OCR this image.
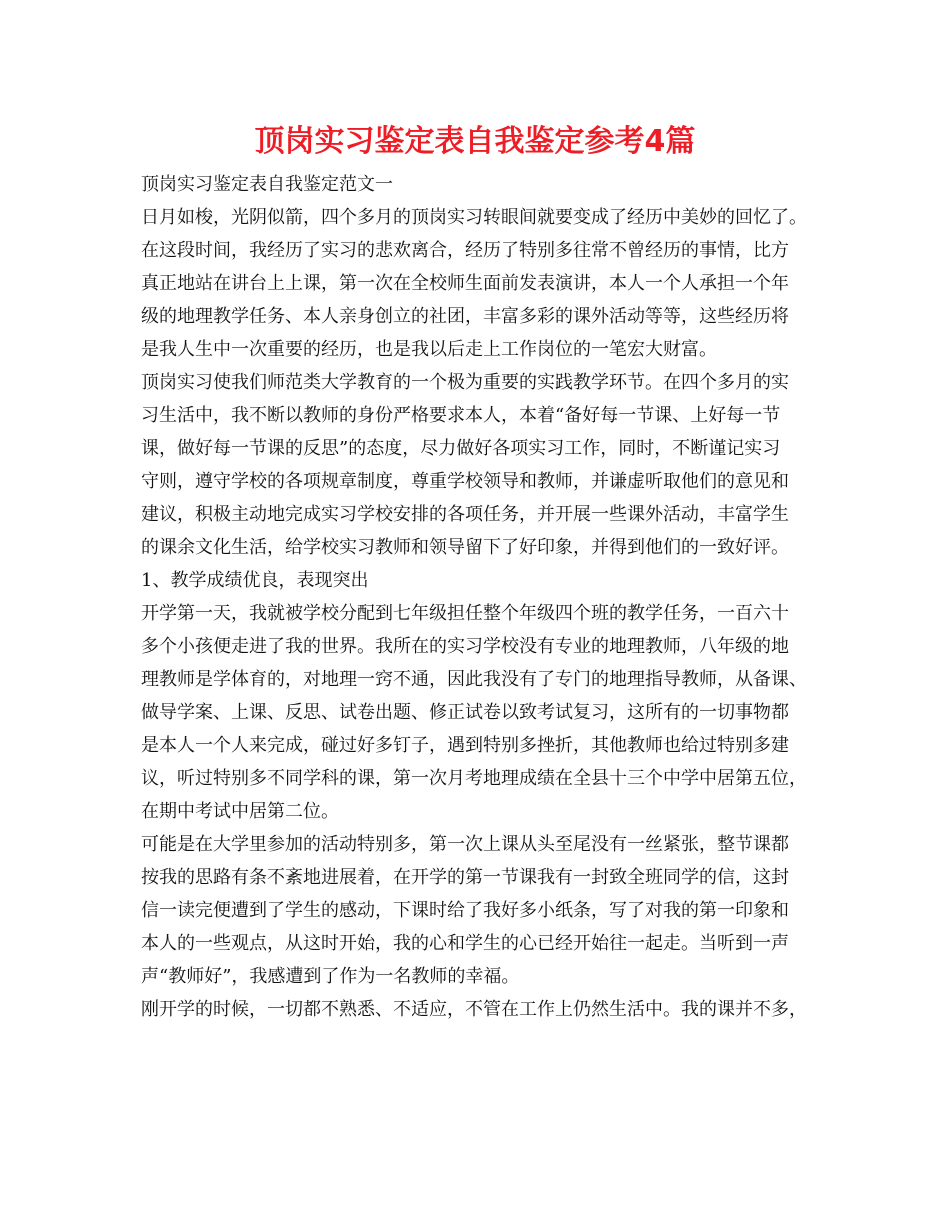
顶岗实习鉴定表自我鉴定参考4篇

顶岗实习鉴定表自我鉴定范文一

日月如梭，光阴似箭，四个多月的顶岗实习转眼间就要变成了经历中美妙的回忆了。

在这段时间，我经历了实习的悲欢离合，经历了特别多往常不曾经历的事情，比方

真正地站在讲台上上课，第一次在全校师生面前发表演讲，本人一个人承担一个年

级的地理教学任务、本人亲身创立的社团，丰富多彩的课外活动等等，这些经历将

是我人生中一次重要的经历，也是我以后走上工作岗位的一笔宏大财富。

顶岗实习使我们师范类大学教育的一个极为重要的实践教学环节。在四个多月的实

习生活中，我不断以教师的身份严格要求本人，本着“备好每一节课、上好每一节

课，做好每一节课的反思”的态度，尽力做好各项实习工作，同时，不断谨记实习

守则，遵守学校的各项规章制度，尊重学校领导和教师，并谦虚听取他们的意见和

建议，积极主动地完成实习学校安排的各项任务，并开展一些课外活动，丰富学生

的课余文化生活，给学校实习教师和领导留下了好印象，并得到他们的一致好评。

1、教学成绩优良，表现突出

开学第一天，我就被学校分配到七年级担任整个年级四个班的教学任务，一百六十

多个小孩便走进了我的世界。我所在的实习学校没有专业的地理教师，八年级的地

理教师是学体育的，对地理一窍不通，因此我没有了专门的地理指导教师，从备课、

做导学案、上课、反思、试卷出题、修正试卷以致考试复习，这所有的一切事物都

是本人一个人来完成，碰过好多钉子，遇到特别多挫折，其他教师也给过特别多建

议，听过特别多不同学科的课，第一次月考地理成绩在全县十三个中学中居第五位，

在期中考试中居第二位。

可能是在大学里参加的活动特别多，第一次上课从头至尾没有一丝紧张，整节课都

按我的思路有条不紊地进展着，在开学的第一节课我有一封致全班同学的信，这封

信一读完便遭到了学生的感动，下课时给了我好多小纸条，写了对我的第一印象和

本人的一些观点，从这时开始，我的心和学生的心已经开始往一起走。当听到一声

声“教师好”，我感遭到了作为一名教师的幸福。

刚开学的时候，一切都不熟悉、不适应，不管在工作上仍然生活中。我的课并不多，
